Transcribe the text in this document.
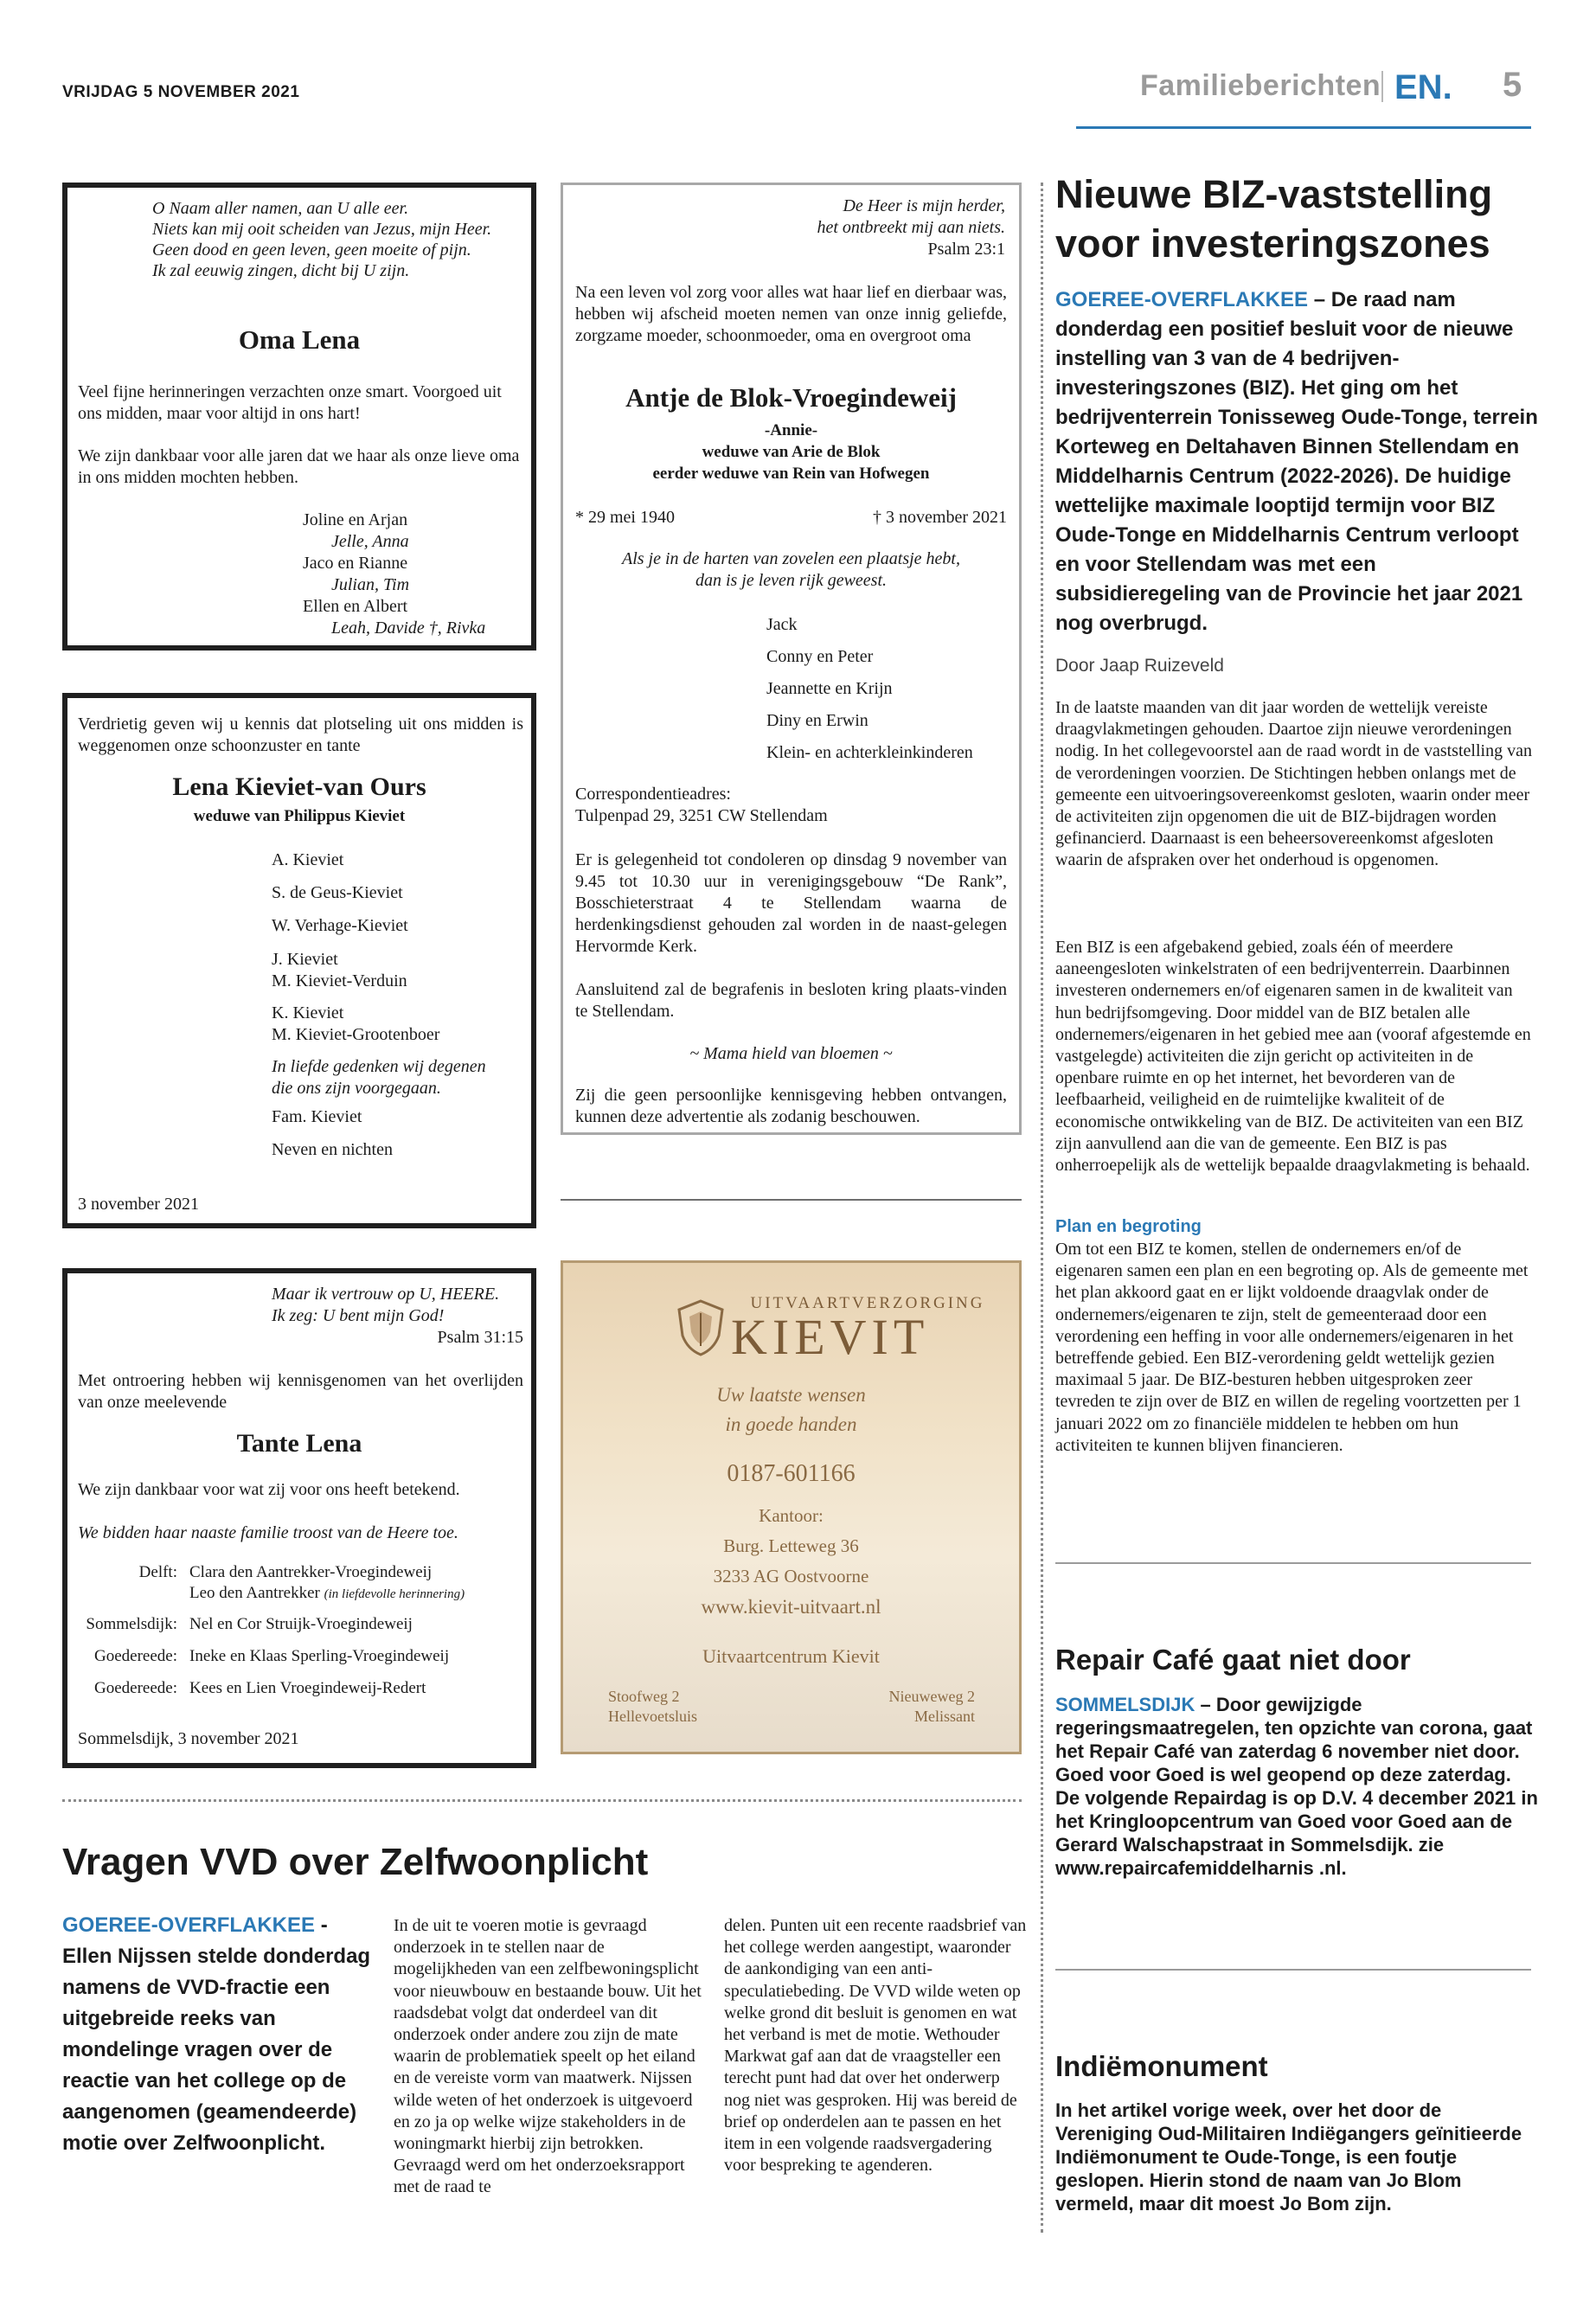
VRIJDAG 5 NOVEMBER 2021	Familieberichten EN. 5
O Naam aller namen, aan U alle eer.
Niets kan mij ooit scheiden van Jezus, mijn Heer.
Geen dood en geen leven, geen moeite of pijn.
Ik zal eeuwig zingen, dicht bij U zijn.
Oma Lena
Veel fijne herinneringen verzachten onze smart. Voorgoed uit ons midden, maar voor altijd in ons hart!
We zijn dankbaar voor alle jaren dat we haar als onze lieve oma in ons midden mochten hebben.
Joline en Arjan
Jelle, Anna
Jaco en Rianne
Julian, Tim
Ellen en Albert
Leah, Davide †, Rivka
Verdrietig geven wij u kennis dat plotseling uit ons midden is weggenomen onze schoonzuster en tante
Lena Kieviet-van Ours
weduwe van Philippus Kieviet
A. Kieviet
S. de Geus-Kieviet
W. Verhage-Kieviet
J. Kieviet
M. Kieviet-Verduin
K. Kieviet
M. Kieviet-Grootenboer
In liefde gedenken wij degenen
die ons zijn voorgegaan.
Fam. Kieviet
Neven en nichten
3 november 2021
Maar ik vertrouw op U, HEERE.
Ik zeg: U bent mijn God!
Psalm 31:15
Met ontroering hebben wij kennisgenomen van het overlijden van onze meelevende
Tante Lena
We zijn dankbaar voor wat zij voor ons heeft betekend.
We bidden haar naaste familie troost van de Heere toe.
Delft: Clara den Aantrekker-Vroegindeweij
Leo den Aantrekker (in liefdevolle herinnering)
Sommelsdijk: Nel en Cor Struijk-Vroegindeweij
Goedereede: Ineke en Klaas Sperling-Vroegindeweij
Goedereede: Kees en Lien Vroegindeweij-Redert
Sommelsdijk, 3 november 2021
De Heer is mijn herder,
het ontbreekt mij aan niets.
Psalm 23:1
Na een leven vol zorg voor alles wat haar lief en dierbaar was, hebben wij afscheid moeten nemen van onze innig geliefde, zorgzame moeder, schoonmoeder, oma en overgroot oma
Antje de Blok-Vroegindeweij
-Annie-
weduwe van Arie de Blok
eerder weduwe van Rein van Hofwegen
* 29 mei 1940	† 3 november 2021
Als je in de harten van zovelen een plaatsje hebt,
dan is je leven rijk geweest.
Jack
Conny en Peter
Jeannette en Krijn
Diny en Erwin
Klein- en achterkleinkinderen
Correspondentieadres:
Tulpenpad 29, 3251 CW Stellendam
Er is gelegenheid tot condoleren op dinsdag 9 november van 9.45 tot 10.30 uur in verenigingsgebouw “De Rank”, Bosschieterstraat 4 te Stellendam waarna de herdenkingsdienst gehouden zal worden in de naast-gelegen Hervormde Kerk.
Aansluitend zal de begrafenis in besloten kring plaats-vinden te Stellendam.
~ Mama hield van bloemen ~
Zij die geen persoonlijke kennisgeving hebben ontvangen, kunnen deze advertentie als zodanig beschouwen.
UITVAARTVERZORGING
KIEVIT
Uw laatste wensen
in goede handen
0187-601166
Kantoor:
Burg. Letteweg 36
3233 AG Oostvoorne
www.kievit-uitvaart.nl
Uitvaartcentrum Kievit
Stoofweg 2
Hellevoetsluis
Nieuweweg 2
Melissant
Nieuwe BIZ-vaststelling voor investeringszones
GOEREE-OVERFLAKKEE – De raad nam donderdag een positief besluit voor de nieuwe instelling van 3 van de 4 bedrijven-investeringszones (BIZ). Het ging om het bedrijventerrein Tonisseweg Oude-Tonge, terrein Korteweg en Deltahaven Binnen Stellendam en Middelharnis Centrum (2022-2026). De huidige wettelijke maximale looptijd termijn voor BIZ Oude-Tonge en Middelharnis Centrum verloopt en voor Stellendam was met een subsidieregeling van de Provincie het jaar 2021 nog overbrugd.
Door Jaap Ruizeveld
In de laatste maanden van dit jaar worden de wettelijk vereiste draagvlakmetingen gehouden. Daartoe zijn nieuwe verordeningen nodig. In het collegevoorstel aan de raad wordt in de vaststelling van de verordeningen voorzien. De Stichtingen hebben onlangs met de gemeente een uitvoeringsovereenkomst gesloten, waarin onder meer de activiteiten zijn opgenomen die uit de BIZ-bijdragen worden gefinancierd. Daarnaast is een beheersovereenkomst afgesloten waarin de afspraken over het onderhoud is opgenomen.
Een BIZ is een afgebakend gebied, zoals één of meerdere aaneengesloten winkelstraten of een bedrijventerrein. Daarbinnen investeren ondernemers en/of eigenaren samen in de kwaliteit van hun bedrijfsomgeving. Door middel van de BIZ betalen alle ondernemers/eigenaren in het gebied mee aan (vooraf afgestemde en vastgelegde) activiteiten die zijn gericht op activiteiten in de openbare ruimte en op het internet, het bevorderen van de leefbaarheid, veiligheid en de ruimtelijke kwaliteit of de economische ontwikkeling van de BIZ. De activiteiten van een BIZ zijn aanvullend aan die van de gemeente. Een BIZ is pas onherroepelijk als de wettelijk bepaalde draagvlakmeting is behaald.
Plan en begroting
Om tot een BIZ te komen, stellen de ondernemers en/of de eigenaren samen een plan en een begroting op. Als de gemeente met het plan akkoord gaat en er lijkt voldoende draagvlak onder de ondernemers/eigenaren te zijn, stelt de gemeenteraad door een verordening een heffing in voor alle ondernemers/eigenaren in het betreffende gebied. Een BIZ-verordening geldt wettelijk gezien maximaal 5 jaar. De BIZ-besturen hebben uitgesproken zeer tevreden te zijn over de BIZ en willen de regeling voortzetten per 1 januari 2022 om zo financiële middelen te hebben om hun activiteiten te kunnen blijven financieren.
Repair Café gaat niet door
SOMMELSDIJK – Door gewijzigde regeringsmaatregelen, ten opzichte van corona, gaat het Repair Café van zaterdag 6 november niet door. Goed voor Goed is wel geopend op deze zaterdag. De volgende Repairdag is op D.V. 4 december 2021 in het Kringloopcentrum van Goed voor Goed aan de Gerard Walschapstraat in Sommelsdijk. zie www.repaircafemiddelharnis .nl.
Indiëmonument
In het artikel vorige week, over het door de Vereniging Oud-Militairen Indiëgangers geïnitieerde Indiëmonument te Oude-Tonge, is een foutje geslopen. Hierin stond de naam van Jo Blom vermeld, maar dit moest Jo Bom zijn.
Vragen VVD over Zelfwoonplicht
GOEREE-OVERFLAKKEE - Ellen Nijssen stelde donderdag namens de VVD-fractie een uitgebreide reeks van mondelinge vragen over de reactie van het college op de aangenomen (geamendeerde) motie over Zelfwoonplicht.
In de uit te voeren motie is gevraagd onderzoek in te stellen naar de mogelijkheden van een zelfbewoningsplicht voor nieuwbouw en bestaande bouw. Uit het raadsdebat volgt dat onderdeel van dit onderzoek onder andere zou zijn de mate waarin de problematiek speelt op het eiland en de vereiste vorm van maatwerk. Nijssen wilde weten of het onderzoek is uitgevoerd en zo ja op welke wijze stakeholders in de woningmarkt hierbij zijn betrokken. Gevraagd werd om het onderzoeksrapport met de raad te
delen. Punten uit een recente raadsbrief van het college werden aangestipt, waaronder de aankondiging van een anti-speculatiebeding. De VVD wilde weten op welke grond dit besluit is genomen en wat het verband is met de motie. Wethouder Markwat gaf aan dat de vraagsteller een terecht punt had dat over het onderwerp nog niet was gesproken. Hij was bereid de brief op onderdelen aan te passen en het item in een volgende raadsvergadering voor bespreking te agenderen.
